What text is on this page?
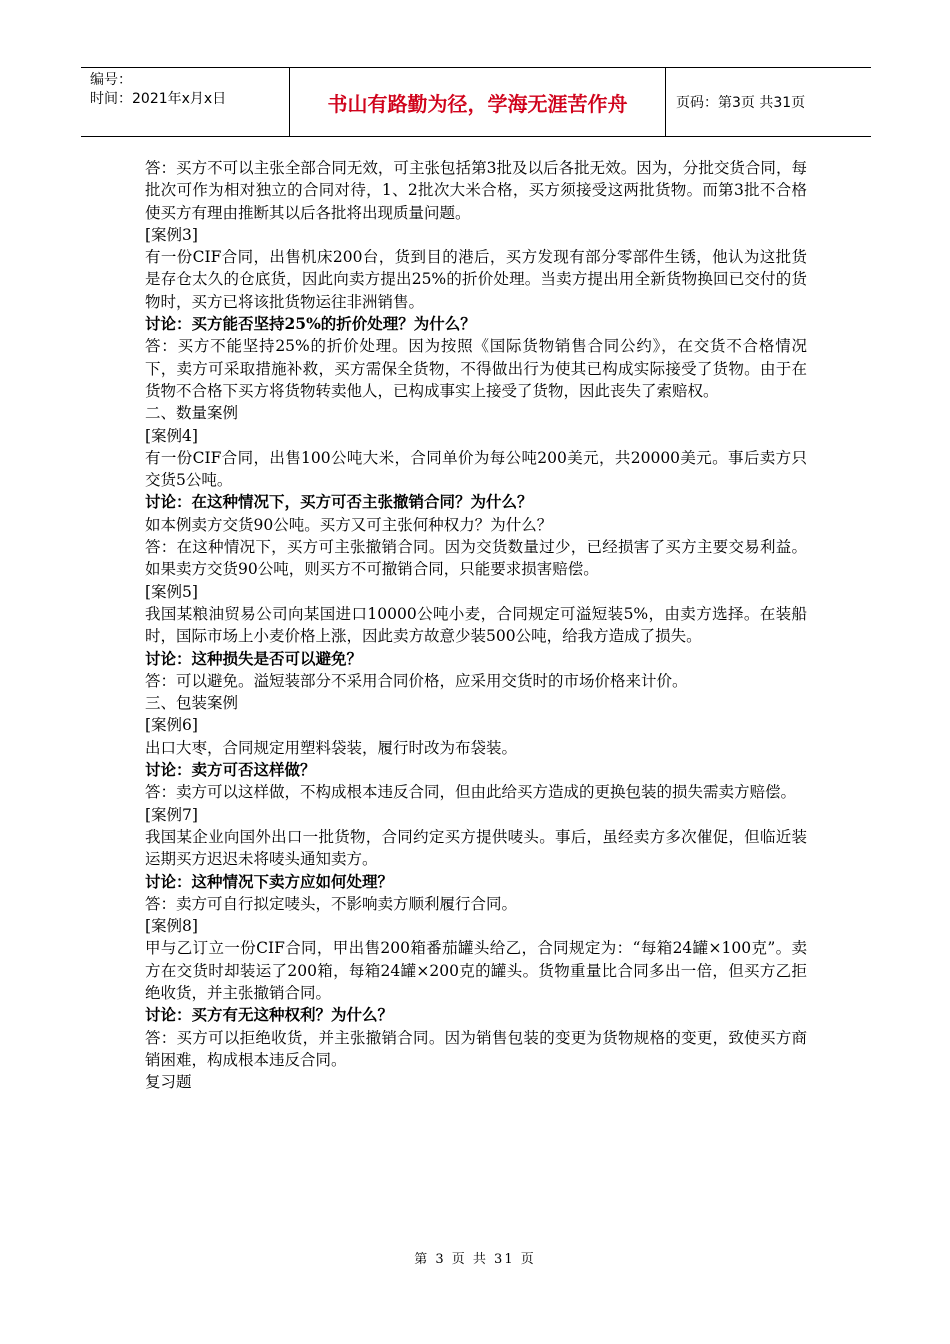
编号：
时间：2021年x月x日	书山有路勤为径，学海无涯苦作舟	页码：第3页 共31页

答：买方不可以主张全部合同无效，可主张包括第3批及以后各批无效。因为，分批交货合同，每批次可作为相对独立的合同对待，1、2批次大米合格，买方须接受这两批货物。而第3批不合格使买方有理由推断其以后各批将出现质量问题。

[案例3]

有一份CIF合同，出售机床200台，货到目的港后，买方发现有部分零部件生锈，他认为这批货是存仓太久的仓底货，因此向卖方提出25%的折价处理。当卖方提出用全新货物换回已交付的货物时，买方已将该批货物运往非洲销售。

讨论：买方能否坚持25%的折价处理？为什么？

答：买方不能坚持25%的折价处理。因为按照《国际货物销售合同公约》，在交货不合格情况下，卖方可采取措施补救，买方需保全货物，不得做出行为使其已构成实际接受了货物。由于在货物不合格下买方将货物转卖他人，已构成事实上接受了货物，因此丧失了索赔权。

二、数量案例

[案例4]

有一份CIF合同，出售100公吨大米，合同单价为每公吨200美元，共20000美元。事后卖方只交货5公吨。

讨论：在这种情况下，买方可否主张撤销合同？为什么？

如本例卖方交货90公吨。买方又可主张何种权力？为什么？

答：在这种情况下，买方可主张撤销合同。因为交货数量过少，已经损害了买方主要交易利益。如果卖方交货90公吨，则买方不可撤销合同，只能要求损害赔偿。

[案例5]

我国某粮油贸易公司向某国进口10000公吨小麦，合同规定可溢短装5%，由卖方选择。在装船时，国际市场上小麦价格上涨，因此卖方故意少装500公吨，给我方造成了损失。

讨论：这种损失是否可以避免？

答：可以避免。溢短装部分不采用合同价格，应采用交货时的市场价格来计价。

三、包装案例

[案例6]

出口大枣，合同规定用塑料袋装，履行时改为布袋装。

讨论：卖方可否这样做？

答：卖方可以这样做，不构成根本违反合同，但由此给买方造成的更换包装的损失需卖方赔偿。

[案例7]

我国某企业向国外出口一批货物，合同约定买方提供唛头。事后，虽经卖方多次催促，但临近装运期买方迟迟未将唛头通知卖方。

讨论：这种情况下卖方应如何处理？

答：卖方可自行拟定唛头，不影响卖方顺利履行合同。

[案例8]

甲与乙订立一份CIF合同，甲出售200箱番茄罐头给乙，合同规定为：“每箱24罐×100克”。卖方在交货时却装运了200箱，每箱24罐×200克的罐头。货物重量比合同多出一倍，但买方乙拒绝收货，并主张撤销合同。

讨论：买方有无这种权利？为什么？

答：买方可以拒绝收货，并主张撤销合同。因为销售包装的变更为货物规格的变更，致使买方商销困难，构成根本违反合同。

复习题

第 3 页 共 31 页
